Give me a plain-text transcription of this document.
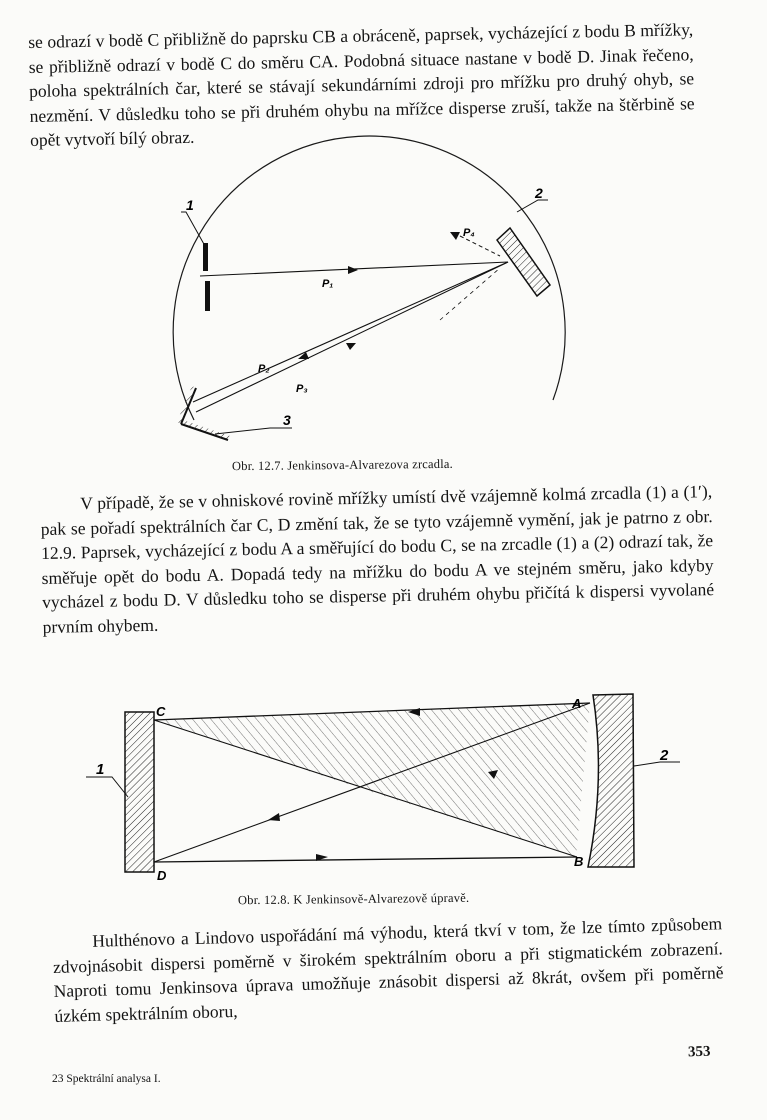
se odrazí v bodě C přibližně do paprsku CB a obráceně, paprsek, vycházející z bodu B mřížky, se přibližně odrazí v bodě C do směru CA. Podobná situace nastane v bodě D. Jinak řečeno, poloha spektrálních čar, které se stávají sekundárními zdroji pro mřížku pro druhý ohyb, se nezmění. V důsledku toho se při druhém ohybu na mřížce disperse zruší, takže na štěrbině se opět vytvoří bílý obraz.

1
2
3
P₁
P₂
P₃
P₄
Obr. 12.7. Jenkinsova-Alvarezova zrcadla.

V případě, že se v ohniskové rovině mřížky umístí dvě vzájemně kolmá zrcadla (1) a (1′), pak se pořadí spektrálních čar C, D změní tak, že se tyto vzájemně vymění, jak je patrno z obr. 12.9. Paprsek, vycházející z bodu A a směřující do bodu C, se na zrcadle (1) a (2) odrazí tak, že směřuje opět do bodu A. Dopadá tedy na mřížku do bodu A ve stejném směru, jako kdyby vycházel z bodu D. V důsledku toho se disperse při druhém ohybu přičítá k dispersi vyvolané prvním ohybem.

C
A
B
D
1
2
Obr. 12.8. K Jenkinsově-Alvarezově úpravě.

Hulthénovo a Lindovo uspořádání má výhodu, která tkví v tom, že lze tímto způsobem zdvojnásobit dispersi poměrně v širokém spektrálním oboru a při stigmatickém zobrazení. Naproti tomu Jenkinsova úprava umožňuje znásobit dispersi až 8krát, ovšem při poměrně úzkém spektrálním oboru,

23 Spektrální analysa I.
353
